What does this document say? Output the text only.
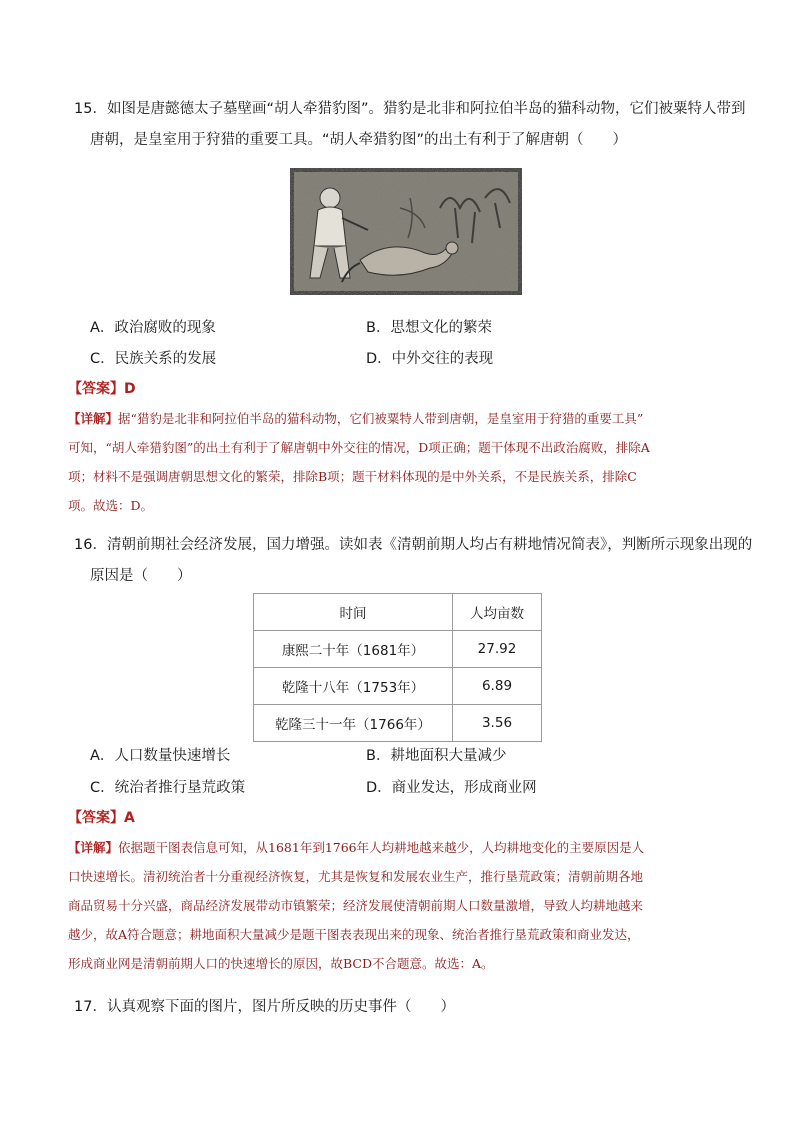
15．如图是唐懿德太子墓壁画“胡人牵猎豹图”。猎豹是北非和阿拉伯半岛的猫科动物，它们被粟特人带到
唐朝，是皇室用于狩猎的重要工具。“胡人牵猎豹图”的出土有利于了解唐朝（　　）
A．政治腐败的现象	B．思想文化的繁荣
C．民族关系的发展	D．中外交往的表现
【答案】D
【详解】据“猎豹是北非和阿拉伯半岛的猫科动物，它们被粟特人带到唐朝，是皇室用于狩猎的重要工具”
可知，“胡人牵猎豹图”的出土有利于了解唐朝中外交往的情况，D项正确；题干体现不出政治腐败，排除A
项；材料不是强调唐朝思想文化的繁荣，排除B项；题干材料体现的是中外关系，不是民族关系，排除C
项。故选：D。
16．清朝前期社会经济发展，国力增强。读如表《清朝前期人均占有耕地情况简表》，判断所示现象出现的
原因是（　　）
时间	人均亩数
康熙二十年（1681年）	27.92
乾隆十八年（1753年）	6.89
乾隆三十一年（1766年）	3.56
A．人口数量快速增长	B．耕地面积大量减少
C．统治者推行垦荒政策	D．商业发达，形成商业网
【答案】A
【详解】依据题干图表信息可知，从1681年到1766年人均耕地越来越少，人均耕地变化的主要原因是人
口快速增长。清初统治者十分重视经济恢复，尤其是恢复和发展农业生产，推行垦荒政策；清朝前期各地
商品贸易十分兴盛，商品经济发展带动市镇繁荣；经济发展使清朝前期人口数量激增，导致人均耕地越来
越少，故A符合题意；耕地面积大量减少是题干图表表现出来的现象、统治者推行垦荒政策和商业发达，
形成商业网是清朝前期人口的快速增长的原因，故BCD不合题意。故选：A。
17．认真观察下面的图片，图片所反映的历史事件（　　）
